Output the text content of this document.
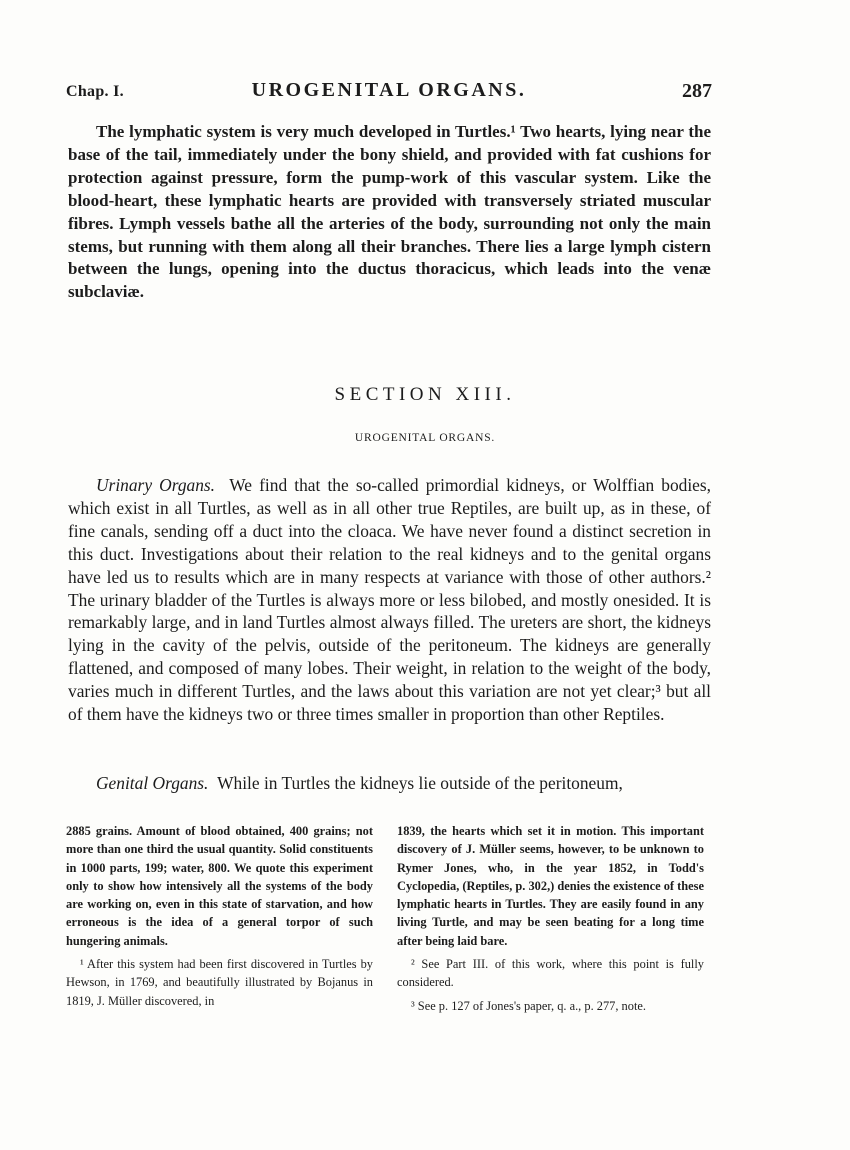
Chap. I.	UROGENITAL ORGANS.	287

The lymphatic system is very much developed in Turtles.¹ Two hearts, lying near the base of the tail, immediately under the bony shield, and provided with fat cushions for protection against pressure, form the pump-work of this vascular system. Like the blood-heart, these lymphatic hearts are provided with transversely striated muscular fibres. Lymph vessels bathe all the arteries of the body, surrounding not only the main stems, but running with them along all their branches. There lies a large lymph cistern between the lungs, opening into the ductus thoracicus, which leads into the venæ subclaviæ.

SECTION XIII.
UROGENITAL ORGANS.

Urinary Organs. We find that the so-called primordial kidneys, or Wolffian bodies, which exist in all Turtles, as well as in all other true Reptiles, are built up, as in these, of fine canals, sending off a duct into the cloaca. We have never found a distinct secretion in this duct. Investigations about their relation to the real kidneys and to the genital organs have led us to results which are in many respects at variance with those of other authors.² The urinary bladder of the Turtles is always more or less bilobed, and mostly onesided. It is remarkably large, and in land Turtles almost always filled. The ureters are short, the kidneys lying in the cavity of the pelvis, outside of the peritoneum. The kidneys are generally flattened, and composed of many lobes. Their weight, in relation to the weight of the body, varies much in different Turtles, and the laws about this variation are not yet clear;³ but all of them have the kidneys two or three times smaller in proportion than other Reptiles.

Genital Organs. While in Turtles the kidneys lie outside of the peritoneum,

2885 grains. Amount of blood obtained, 400 grains; not more than one third the usual quantity. Solid constituents in 1000 parts, 199; water, 800. We quote this experiment only to show how intensively all the systems of the body are working on, even in this state of starvation, and how erroneous is the idea of a general torpor of such hungering animals.

¹ After this system had been first discovered in Turtles by Hewson, in 1769, and beautifully illustrated by Bojanus in 1819, J. Müller discovered, in

1839, the hearts which set it in motion. This important discovery of J. Müller seems, however, to be unknown to Rymer Jones, who, in the year 1852, in Todd's Cyclopedia, (Reptiles, p. 302,) denies the existence of these lymphatic hearts in Turtles. They are easily found in any living Turtle, and may be seen beating for a long time after being laid bare.

² See Part III. of this work, where this point is fully considered.

³ See p. 127 of Jones's paper, q. a., p. 277, note.
